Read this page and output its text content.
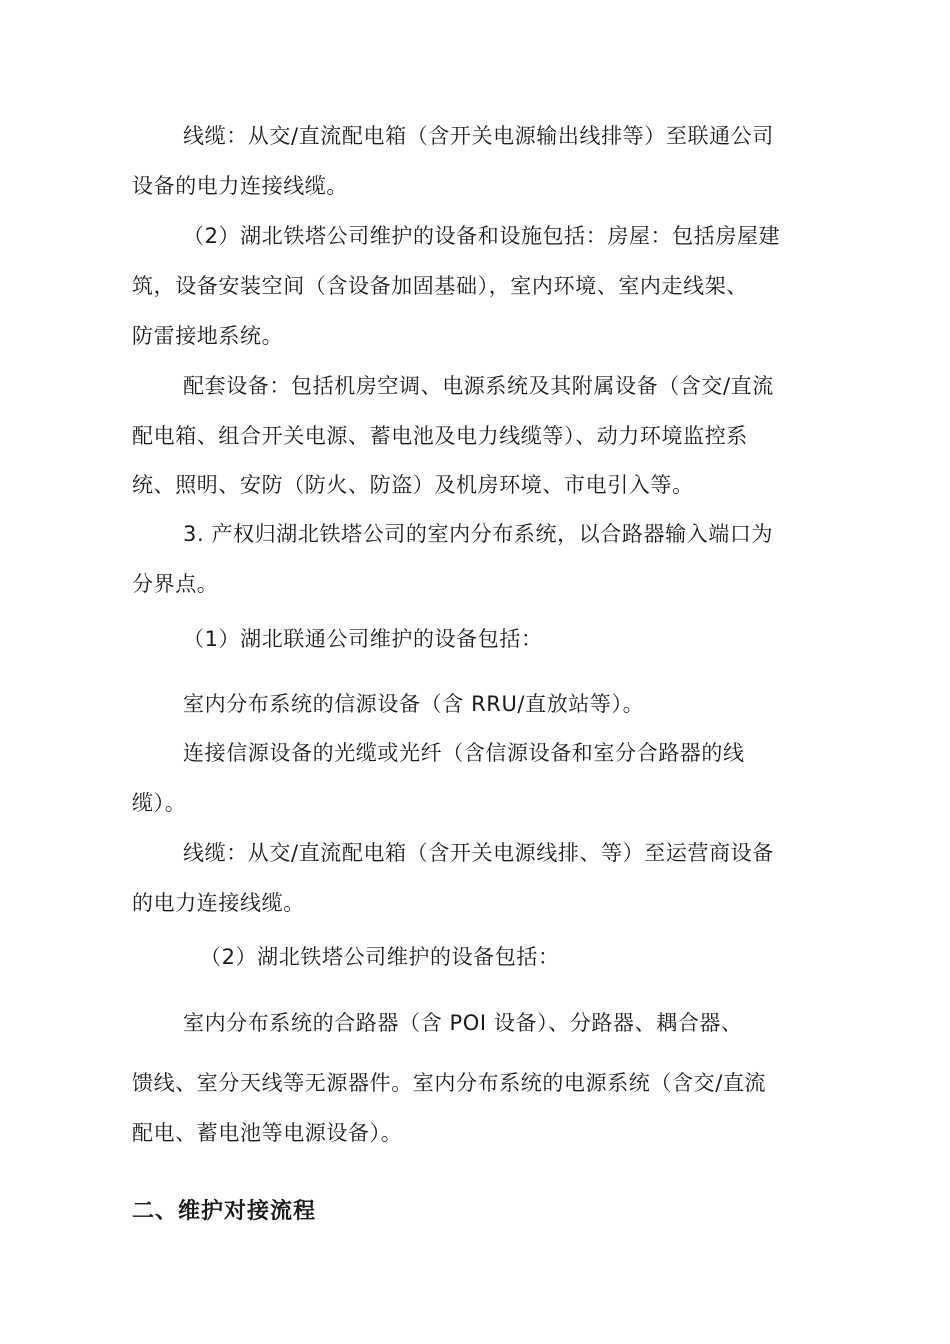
线缆：从交/直流配电箱（含开关电源输出线排等）至联通公司
设备的电力连接线缆。
（2）湖北铁塔公司维护的设备和设施包括：房屋：包括房屋建
筑，设备安装空间（含设备加固基础），室内环境、室内走线架、
防雷接地系统。
配套设备：包括机房空调、电源系统及其附属设备（含交/直流
配电箱、组合开关电源、蓄电池及电力线缆等）、动力环境监控系
统、照明、安防（防火、防盗）及机房环境、市电引入等。
3. 产权归湖北铁塔公司的室内分布系统，以合路器输入端口为
分界点。
（1）湖北联通公司维护的设备包括：
室内分布系统的信源设备（含 RRU/直放站等）。
连接信源设备的光缆或光纤（含信源设备和室分合路器的线
缆）。
线缆：从交/直流配电箱（含开关电源线排、等）至运营商设备
的电力连接线缆。
（2）湖北铁塔公司维护的设备包括：
室内分布系统的合路器（含 POI 设备）、分路器、耦合器、
馈线、室分天线等无源器件。室内分布系统的电源系统（含交/直流
配电、蓄电池等电源设备）。
二、维护对接流程
